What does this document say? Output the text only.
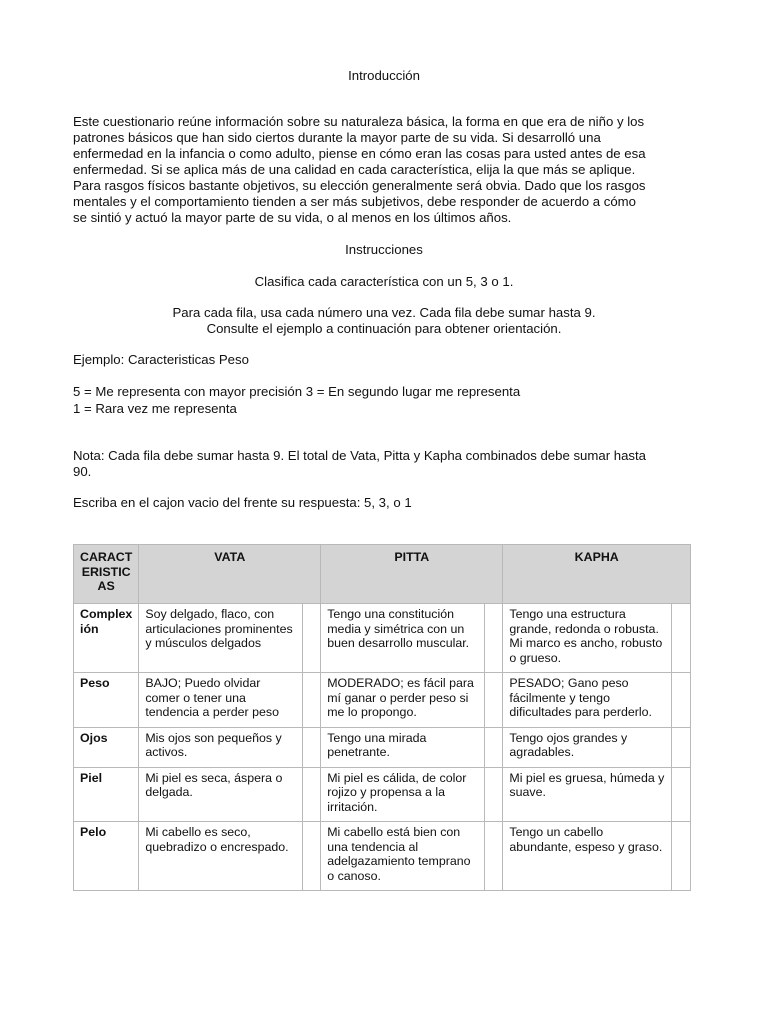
Introducción

Este cuestionario reúne información sobre su naturaleza básica, la forma en que era de niño y los
patrones básicos que han sido ciertos durante la mayor parte de su vida. Si desarrolló una
enfermedad en la infancia o como adulto, piense en cómo eran las cosas para usted antes de esa
enfermedad. Si se aplica más de una calidad en cada característica, elija la que más se aplique.
Para rasgos físicos bastante objetivos, su elección generalmente será obvia. Dado que los rasgos
mentales y el comportamiento tienden a ser más subjetivos, debe responder de acuerdo a cómo
se sintió y actuó la mayor parte de su vida, o al menos en los últimos años.

Instrucciones

Clasifica cada característica con un 5, 3 o 1.

Para cada fila, usa cada número una vez. Cada fila debe sumar hasta 9.

Consulte el ejemplo a continuación para obtener orientación.

Ejemplo: Caracteristicas Peso

5 = Me representa con mayor precisión 3 = En segundo lugar me representa

1 = Rara vez me representa

Nota: Cada fila debe sumar hasta 9. El total de Vata, Pitta y Kapha combinados debe sumar hasta

90.

Escriba en el cajon vacio del frente su respuesta: 5, 3, o 1

CARACT
ERISTIC
AS	VATA		PITTA		KAPHA	
Complex
ión	Soy delgado, flaco, con articulaciones prominentes y músculos delgados		Tengo una constitución media y simétrica con un buen desarrollo muscular.		Tengo una estructura grande, redonda o robusta. Mi marco es ancho, robusto o grueso.	
Peso	BAJO; Puedo olvidar comer o tener una tendencia a perder peso		MODERADO; es fácil para mí ganar o perder peso si me lo propongo.		PESADO; Gano peso fácilmente y tengo dificultades para perderlo.	
Ojos	Mis ojos son pequeños y activos.		Tengo una mirada penetrante.		Tengo ojos grandes y agradables.	
Piel	Mi piel es seca, áspera o delgada.		Mi piel es cálida, de color rojizo y propensa a la irritación.		Mi piel es gruesa, húmeda y suave.	
Pelo	Mi cabello es seco, quebradizo o encrespado.		Mi cabello está bien con una tendencia al adelgazamiento temprano o canoso.		Tengo un cabello abundante, espeso y graso.	
